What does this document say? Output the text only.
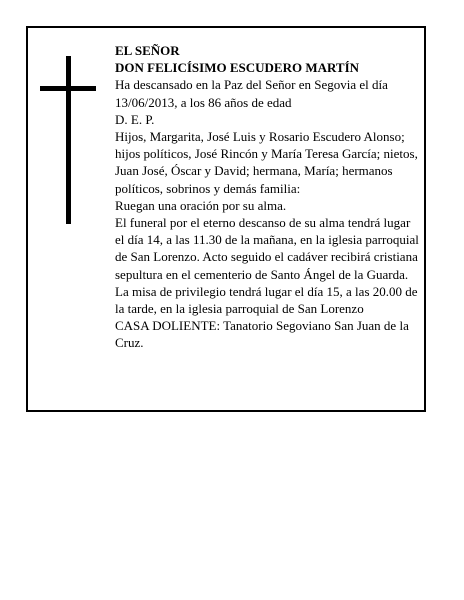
EL SEÑOR

DON FELICÍSIMO ESCUDERO MARTÍN

Ha descansado en la Paz del Señor en Segovia el día 13/06/2013, a los 86 años de edad

D. E. P.

Hijos, Margarita, José Luis y Rosario Escudero Alonso; hijos políticos, José Rincón y María Teresa García; nietos, Juan José, Óscar y David; hermana, María; hermanos políticos, sobrinos y demás familia:

Ruegan una oración por su alma.

El funeral por el eterno descanso de su alma tendrá lugar el día 14, a las 11.30 de la mañana, en la iglesia parroquial de San Lorenzo. Acto seguido el cadáver recibirá cristiana sepultura en el cementerio de Santo Ángel de la Guarda. La misa de privilegio tendrá lugar el día 15, a las 20.00 de la tarde, en la iglesia parroquial de San Lorenzo

CASA DOLIENTE: Tanatorio Segoviano San Juan de la Cruz.
